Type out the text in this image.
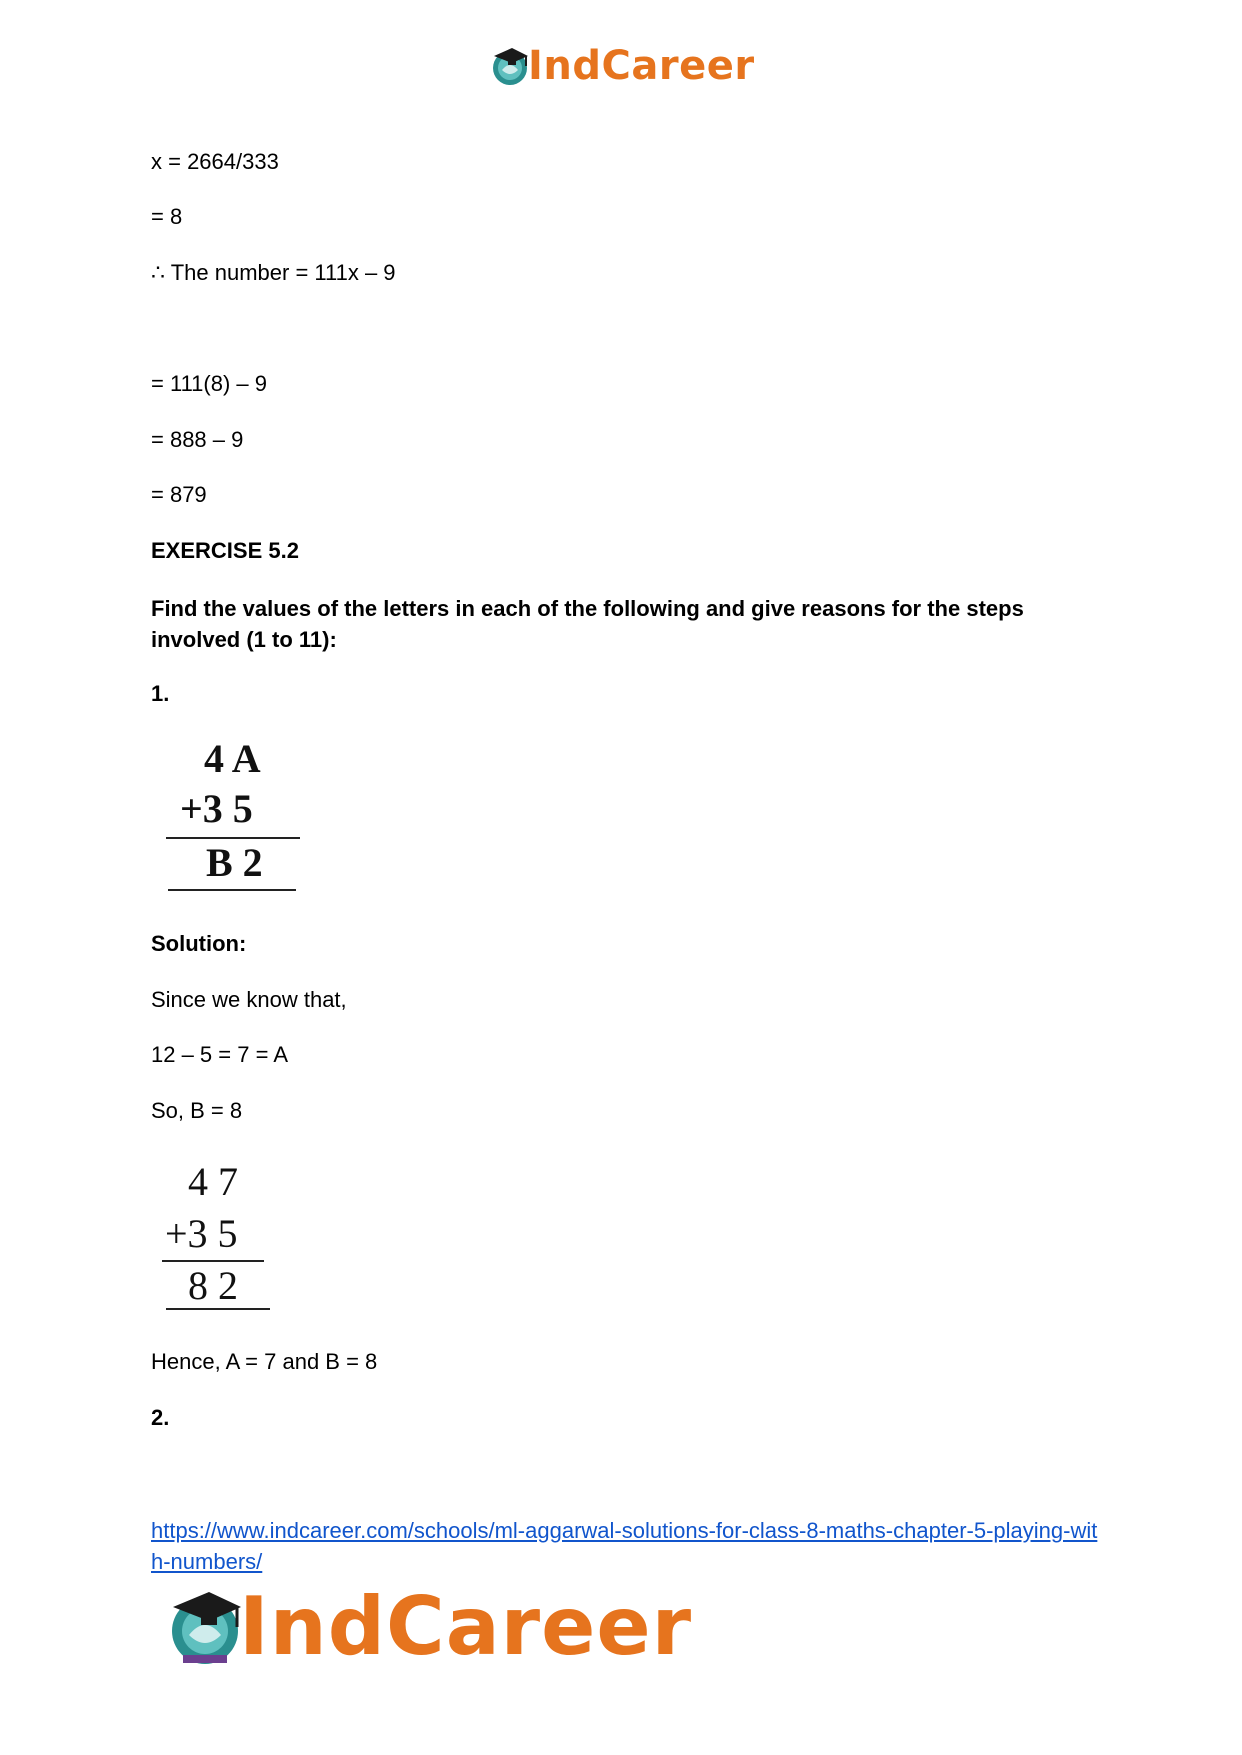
IndCareer
x = 2664/333
= 8
∴ The number = 111x – 9
= 111(8) – 9
= 888 – 9
= 879
EXERCISE 5.2
Find the values of the letters in each of the following and give reasons for the steps involved (1 to 11):
1.
4 A
+3 5
B 2
Solution:
Since we know that,
12 – 5 = 7 = A
So, B = 8
4 7
+3 5
8 2
Hence, A = 7 and B = 8
2.
https://www.indcareer.com/schools/ml-aggarwal-solutions-for-class-8-maths-chapter-5-playing-with-numbers/
IndCareer
